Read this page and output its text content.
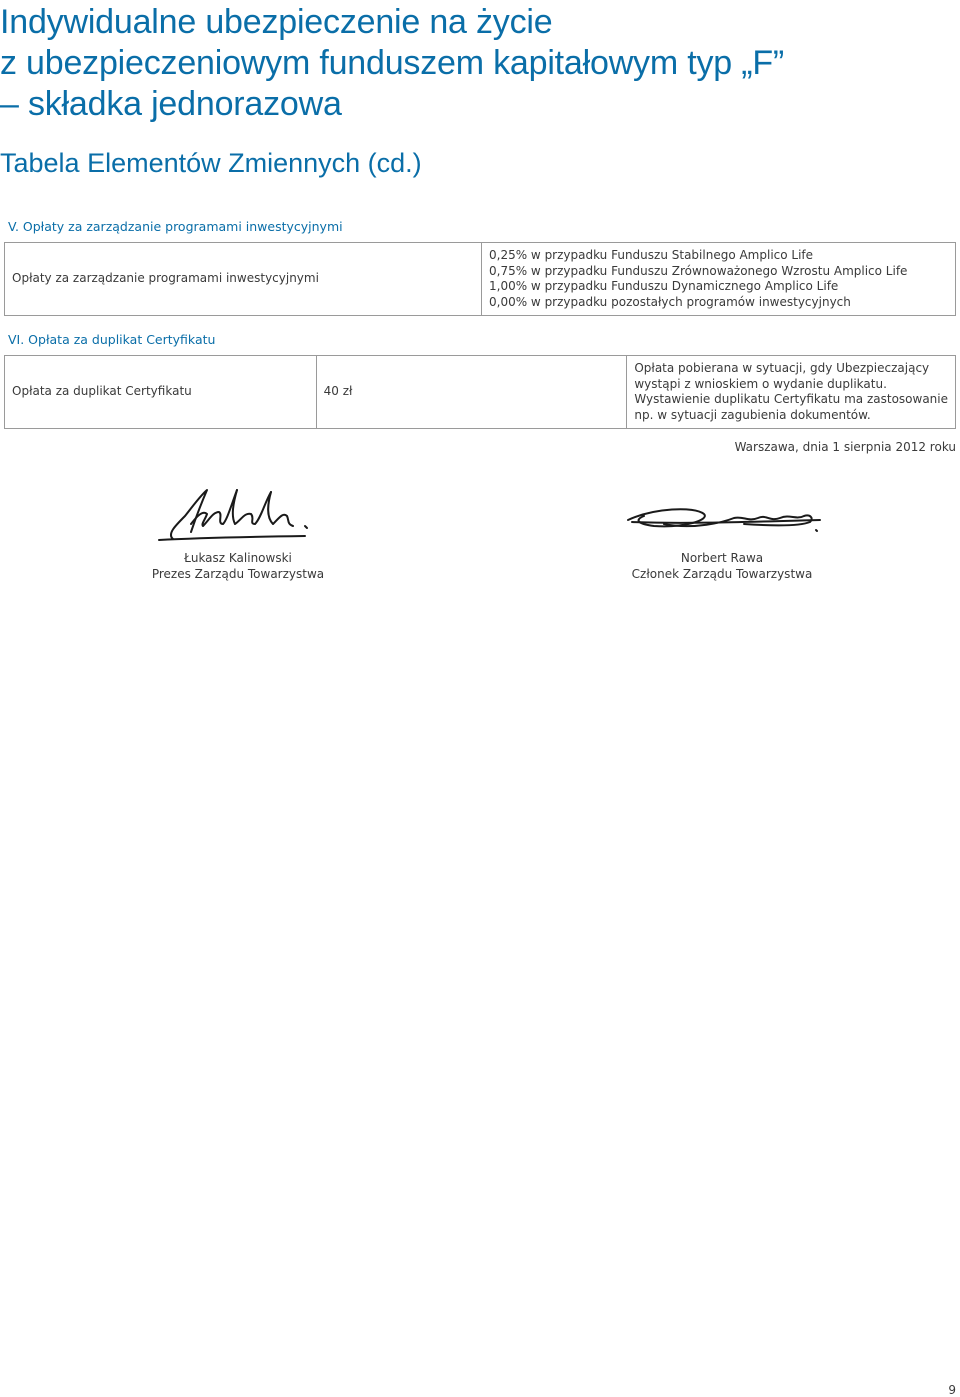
Indywidualne ubezpieczenie na życie
z ubezpieczeniowym funduszem kapitałowym typ „F”
– składka jednorazowa
Tabela Elementów Zmiennych (cd.)
V. Opłaty za zarządzanie programami inwestycyjnymi
Opłaty za zarządzanie programami inwestycyjnymi
0,25% w przypadku Funduszu Stabilnego Amplico Life
0,75% w przypadku Funduszu Zrównoważonego Wzrostu Amplico Life
1,00% w przypadku Funduszu Dynamicznego Amplico Life
0,00% w przypadku pozostałych programów inwestycyjnych
VI. Opłata za duplikat Certyfikatu
Opłata za duplikat Certyfikatu	40 zł
Opłata pobierana w sytuacji, gdy Ubezpieczający
wystąpi z wnioskiem o wydanie duplikatu.
Wystawienie duplikatu Certyfikatu ma zastosowanie
np. w sytuacji zagubienia dokumentów.
Warszawa, dnia 1 sierpnia 2012 roku
Łukasz Kalinowski
Prezes Zarządu Towarzystwa
Norbert Rawa
Członek Zarządu Towarzystwa
9
